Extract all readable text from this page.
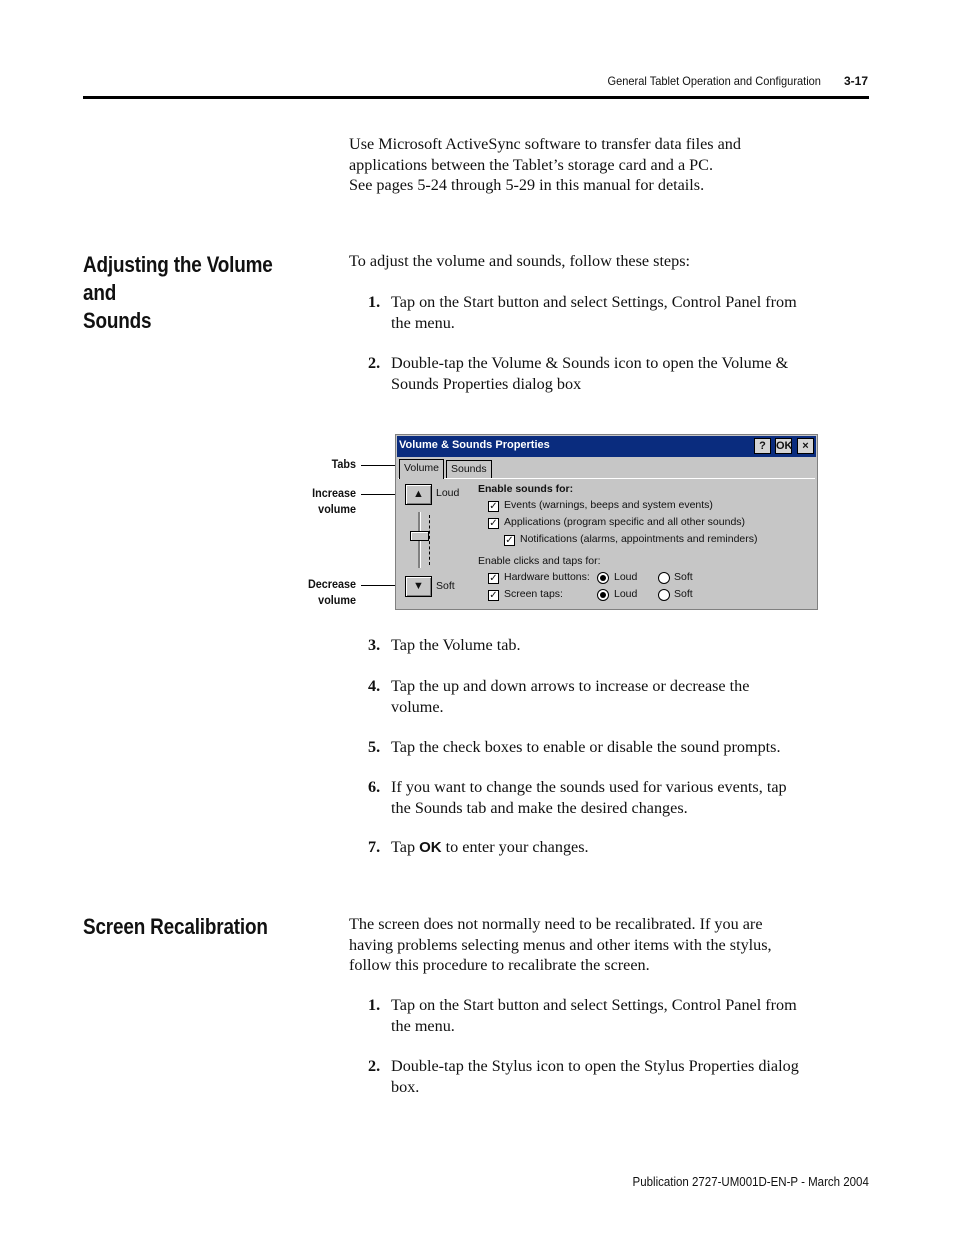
General Tablet Operation and Configuration 3-17
Use Microsoft ActiveSync software to transfer data files and
applications between the Tablet’s storage card and a PC.
See pages 5-24 through 5-29 in this manual for details.
Adjusting the Volume and
Sounds
To adjust the volume and sounds, follow these steps:
1. Tap on the Start button and select Settings, Control Panel from
the menu.
2. Double-tap the Volume & Sounds icon to open the Volume &
Sounds Properties dialog box
Tabs
Increase
volume
Decrease
volume
Volume & Sounds Properties	? OK ×
Volume	Sounds
▲	Loud
▼	Soft
Enable sounds for:
✓ Events (warnings, beeps and system events)
✓ Applications (program specific and all other sounds)
✓ Notifications (alarms, appointments and reminders)
Enable clicks and taps for:
✓ Hardware buttons: Loud	Soft
✓ Screen taps:	Loud	Soft
3. Tap the Volume tab.
4. Tap the up and down arrows to increase or decrease the
volume.
5. Tap the check boxes to enable or disable the sound prompts.
6. If you want to change the sounds used for various events, tap
the Sounds tab and make the desired changes.
7. Tap OK to enter your changes.
Screen Recalibration	The screen does not normally need to be recalibrated. If you are
having problems selecting menus and other items with the stylus,
follow this procedure to recalibrate the screen.
1. Tap on the Start button and select Settings, Control Panel from
the menu.
2. Double-tap the Stylus icon to open the Stylus Properties dialog
box.
Publication 2727-UM001D-EN-P - March 2004
